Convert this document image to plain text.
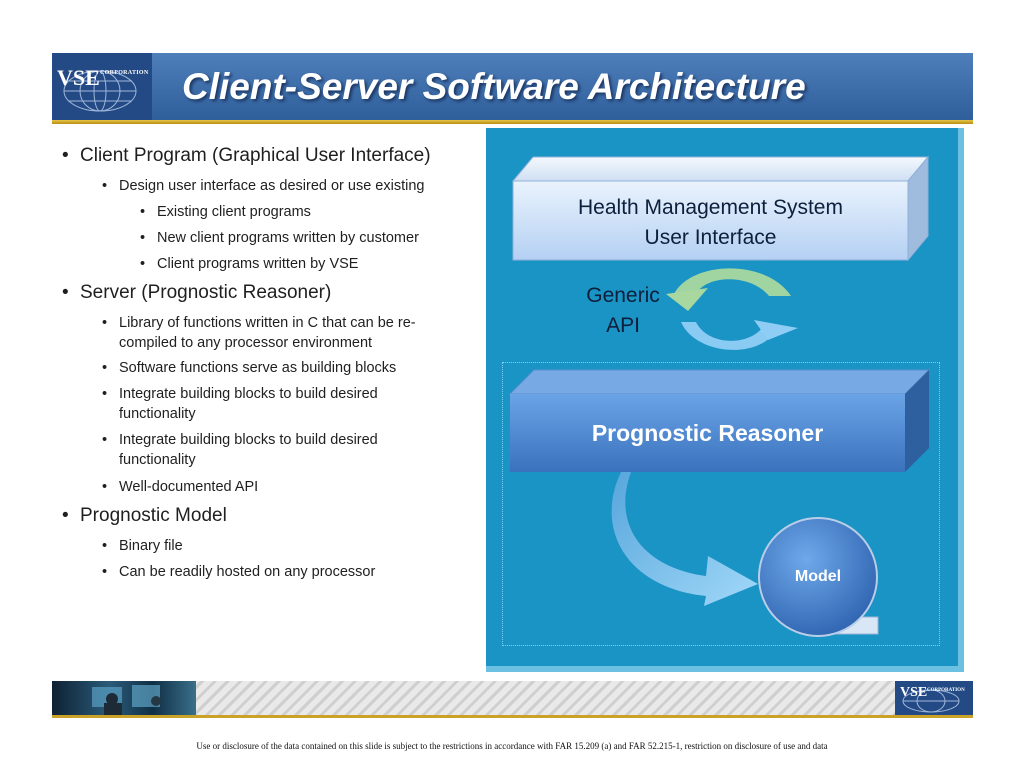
VSE CORPORATION Client-Server Software Architecture
• Client Program (Graphical User Interface)
• Design user interface as desired or use existing
• Existing client programs
• New client programs written by customer
• Client programs written by VSE
• Server (Prognostic Reasoner)
• Library of functions written in C that can be re-
compiled to any processor environment
• Software functions serve as building blocks
• Integrate building blocks to build desired
functionality
• Integrate building blocks to build desired
functionality
• Well-documented API
• Prognostic Model
• Binary file
• Can be readily hosted on any processor
Health Management System
User Interface
Generic
API
Prognostic Reasoner
Model
VSE CORPORATION
Use or disclosure of the data contained on this slide is subject to the restrictions in accordance with FAR 15.209 (a) and FAR 52.215-1, restriction on disclosure of use and data
